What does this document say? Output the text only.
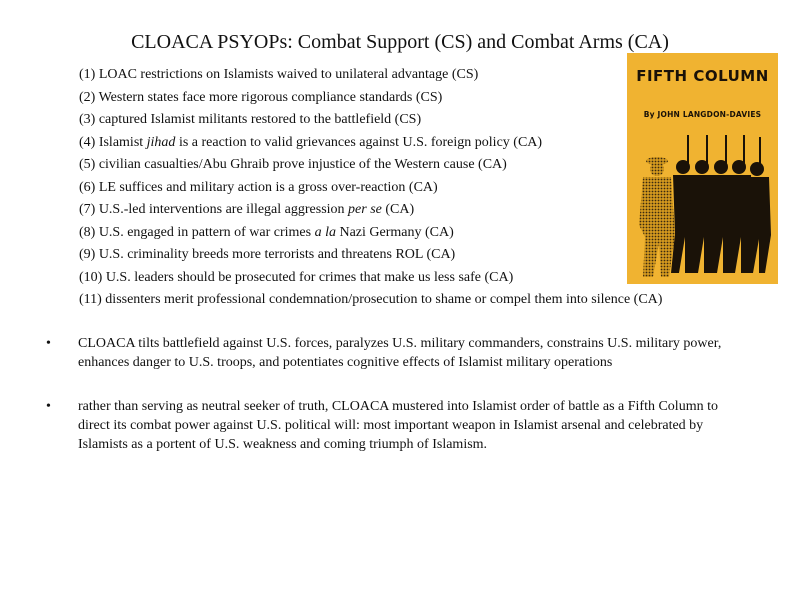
CLOACA PSYOPs: Combat Support (CS) and Combat Arms (CA)
(1) LOAC restrictions on Islamists waived to unilateral advantage (CS)
(2) Western states face more rigorous compliance standards (CS)
(3) captured Islamist militants restored to the battlefield (CS)
(4) Islamist jihad is a reaction to valid grievances against U.S. foreign policy (CA)
(5) civilian casualties/Abu Ghraib prove injustice of the Western cause (CA)
(6) LE suffices and military action is a gross over-reaction (CA)
(7) U.S.-led interventions are illegal aggression per se (CA)
(8) U.S. engaged in pattern of war crimes a la Nazi Germany (CA)
(9) U.S. criminality breeds more terrorists and threatens ROL (CA)
(10) U.S. leaders should be prosecuted for crimes that make us less safe (CA)
(11) dissenters merit professional condemnation/prosecution to shame or compel them into silence (CA)
• CLOACA tilts battlefield against U.S. forces, paralyzes U.S. military commanders, constrains U.S. military power, enhances danger to U.S. troops, and potentiates cognitive effects of Islamist military operations
• rather than serving as neutral seeker of truth, CLOACA mustered into Islamist order of battle as a Fifth Column to direct its combat power against U.S. political will: most important weapon in Islamist arsenal and celebrated by Islamists as a portent of U.S. weakness and coming triumph of Islamism.
FIFTH COLUMN
By JOHN LANGDON-DAVIES
